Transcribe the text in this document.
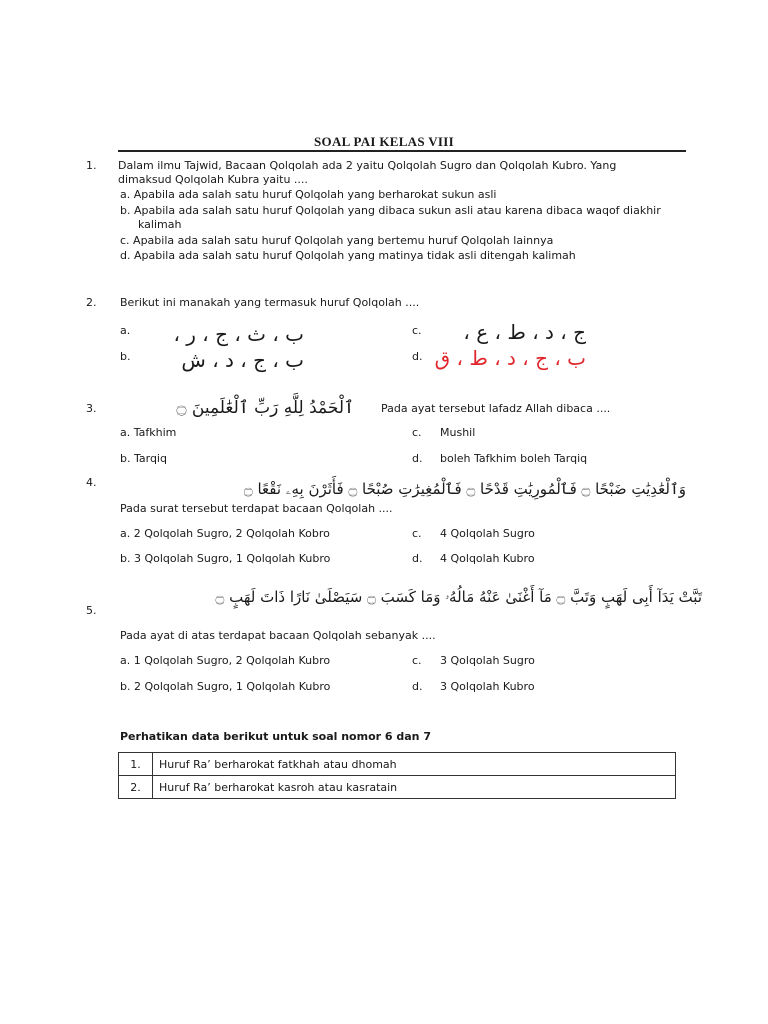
SOAL PAI KELAS VIII
1. Dalam ilmu Tajwid, Bacaan Qolqolah ada 2 yaitu Qolqolah Sugro dan Qolqolah Kubro. Yang
dimaksud Qolqolah Kubra yaitu ....
a. Apabila ada salah satu huruf Qolqolah yang berharokat sukun asli
b. Apabila ada salah satu huruf Qolqolah yang dibaca sukun asli atau karena dibaca waqof diakhir
kalimah
c. Apabila ada salah satu huruf Qolqolah yang bertemu huruf Qolqolah lainnya
d. Apabila ada salah satu huruf Qolqolah yang matinya tidak asli ditengah kalimah
2. Berikut ini manakah yang termasuk huruf Qolqolah ....
a.	ب ، ث ، ج ، ر ،
b.	ب ، ج ، د ، ش
c.	ج ، د ، ط ، ع ،
d. ب ، ج ، د ، ط ، ق
3.	ٱلْحَمْدُ لِلَّهِ رَبِّ ٱلْعَٰلَمِينَ ۝ Pada ayat tersebut lafadz Allah dibaca ....
a. Tafkhim
b. Tarqiq
c. Mushil
d. boleh Tafkhim boleh Tarqiq
4.	وَٱلْعَٰدِيَٰتِ ضَبْحًا ۝ فَٱلْمُورِيَٰتِ قَدْحًا ۝ فَٱلْمُغِيرَٰتِ صُبْحًا ۝ فَأَثَرْنَ بِهِۦ نَقْعًا ۝
Pada surat tersebut terdapat bacaan Qolqolah ....
a. 2 Qolqolah Sugro, 2 Qolqolah Kobro
b. 3 Qolqolah Sugro, 1 Qolqolah Kubro
c. 4 Qolqolah Sugro
d. 4 Qolqolah Kubro
5.
تَبَّتْ يَدَآ أَبِى لَهَبٍ وَتَبَّ ۝ مَآ أَغْنَىٰ عَنْهُ مَالُهُۥ وَمَا كَسَبَ ۝ سَيَصْلَىٰ نَارًا ذَاتَ لَهَبٍ ۝
Pada ayat di atas terdapat bacaan Qolqolah sebanyak ....
a. 1 Qolqolah Sugro, 2 Qolqolah Kubro
b. 2 Qolqolah Sugro, 1 Qolqolah Kubro
c. 3 Qolqolah Sugro
d. 3 Qolqolah Kubro
Perhatikan data berikut untuk soal nomor 6 dan 7
1.	Huruf Ra’ berharokat fatkhah atau dhomah
2.	Huruf Ra’ berharokat kasroh atau kasratain
